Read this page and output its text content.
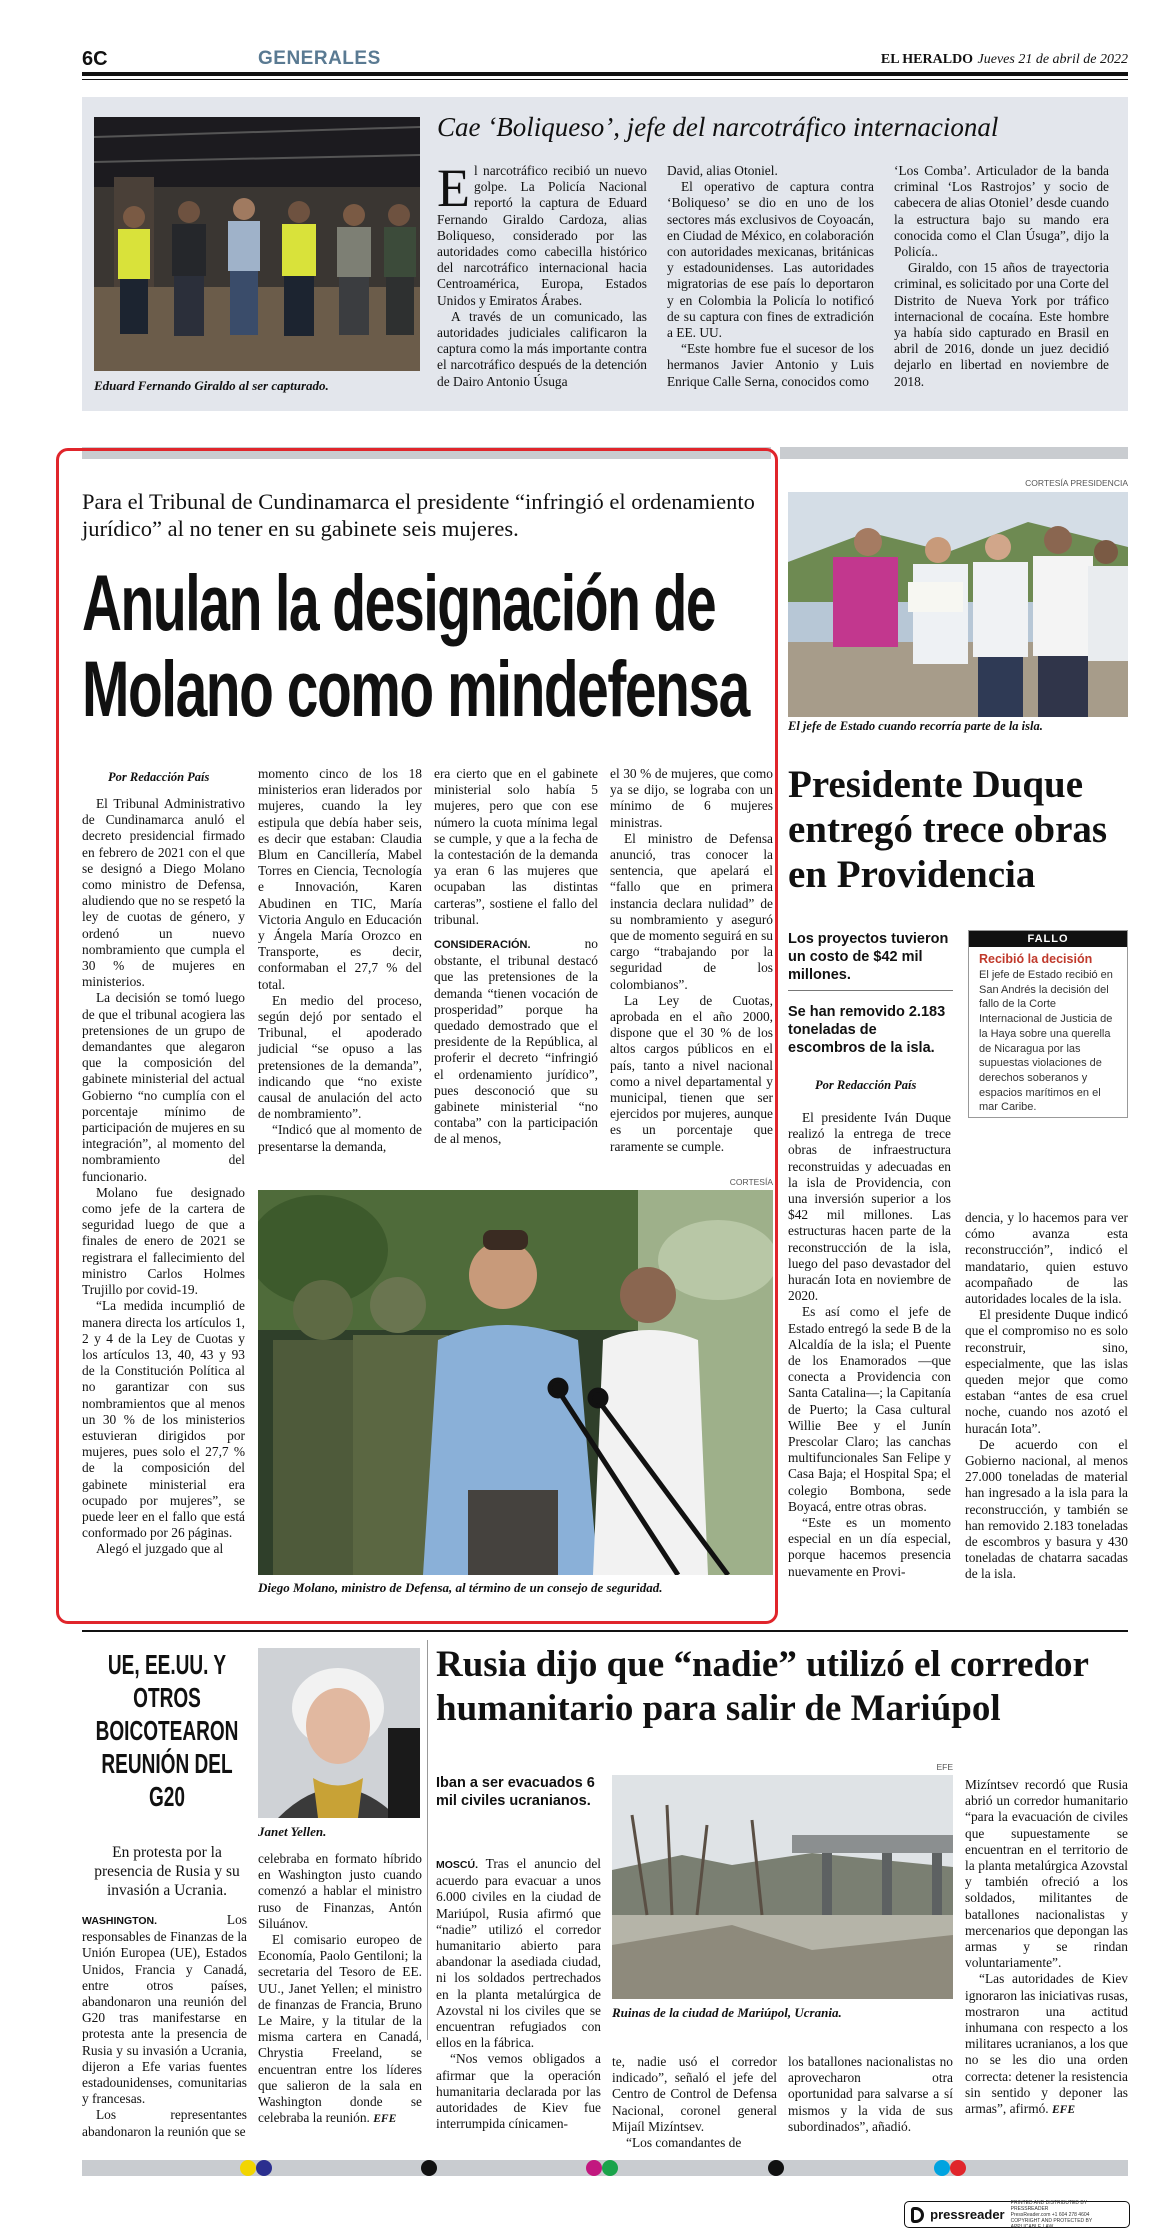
6C	GENERALES	EL HERALDO Jueves 21 de abril de 2022
Eduard Fernando Giraldo al ser capturado.
Cae ‘Boliqueso’, jefe del narcotráfico internacional
E l narcotráfico recibió un nuevo golpe. La Policía Nacional reportó la captura de Eduard Fernando Giraldo Cardoza, alias Boliqueso, considerado por las autoridades como cabecilla histórico del narcotráfico internacional hacia Centroamérica, Europa, Estados Unidos y Emiratos Árabes.

A través de un comunicado, las autoridades judiciales calificaron la captura como la más importante contra el narcotráfico después de la detención de Dairo Antonio Úsuga

David, alias Otoniel.

El operativo de captura contra ‘Boliqueso’ se dio en uno de los sectores más exclusivos de Coyoacán, en Ciudad de México, en colaboración con autoridades mexicanas, británicas y estadounidenses. Las autoridades migratorias de ese país lo deportaron y en Colombia la Policía lo notificó de su captura con fines de extradición a EE. UU.

“Este hombre fue el sucesor de los hermanos Javier Antonio y Luis Enrique Calle Serna, conocidos como

‘Los Comba’. Articulador de la banda criminal ‘Los Rastrojos’ y socio de cabecera de alias Otoniel’ desde cuando la estructura bajo su mando era conocida como el Clan Úsuga”, dijo la Policía..

Giraldo, con 15 años de trayectoria criminal, es solicitado por una Corte del Distrito de Nueva York por tráfico internacional de cocaína. Este hombre ya había sido capturado en Brasil en abril de 2016, donde un juez decidió dejarlo en libertad en noviembre de 2018.

Para el Tribunal de Cundinamarca el presidente “infringió el ordenamiento jurídico” al no tener en su gabinete seis mujeres.
Anulan la designación de
Molano como mindefensa
Por Redacción País

El Tribunal Administrativo de Cundinamarca anuló el decreto presidencial firmado en febrero de 2021 con el que se designó a Diego Molano como ministro de Defensa, aludiendo que no se respetó la ley de cuotas de género, y ordenó un nuevo nombramiento que cumpla el 30 % de mujeres en ministerios.

La decisión se tomó luego de que el tribunal acogiera las pretensiones de un grupo de demandantes que alegaron que la composición del gabinete ministerial del actual Gobierno “no cumplía con el porcentaje mínimo de participación de mujeres en su integración”, al momento del nombramiento del funcionario.

Molano fue designado como jefe de la cartera de seguridad luego de que a finales de enero de 2021 se registrara el fallecimiento del ministro Carlos Holmes Trujillo por covid-19.

“La medida incumplió de manera directa los artículos 1, 2 y 4 de la Ley de Cuotas y los artículos 13, 40, 43 y 93 de la Constitución Política al no garantizar con sus nombramientos que al menos un 30 % de los ministerios estuvieran dirigidos por mujeres, pues solo el 27,7 % de la composición del gabinete ministerial era ocupado por mujeres”, se puede leer en el fallo que está conformado por 26 páginas.

Alegó el juzgado que al

momento cinco de los 18 ministerios eran liderados por mujeres, cuando la ley estipula que debía haber seis, es decir que estaban: Claudia Blum en Cancillería, Mabel Torres en Ciencia, Tecnología e Innovación, Karen Abudinen en TIC, María Victoria Angulo en Educación y Ángela María Orozco en Transporte, es decir, conformaban el 27,7 % del total.

En medio del proceso, según dejó por sentado el Tribunal, el apoderado judicial “se opuso a las pretensiones de la demanda”, indicando que “no existe causal de anulación del acto de nombramiento”.

“Indicó que al momento de presentarse la demanda,

era cierto que en el gabinete ministerial solo había 5 mujeres, pero que con ese número la cuota mínima legal se cumple, y que a la fecha de la contestación de la demanda ya eran 6 las mujeres que ocupaban las distintas carteras”, sostiene el fallo del tribunal.

CONSIDERACIÓN.	no obstante, el tribunal destacó que las pretensiones de la demanda “tienen vocación de prosperidad” porque ha quedado demostrado que el presidente de la República, al proferir el decreto “infringió el ordenamiento jurídico”, pues desconoció que su gabinete ministerial “no contaba” con la participación de al menos,

el 30 % de mujeres, que como ya se dijo, se lograba con un mínimo de 6 mujeres ministras.

El ministro de Defensa anunció, tras conocer la sentencia, que apelará el “fallo que en primera instancia declara nulidad” de su nombramiento y aseguró que de momento seguirá en su cargo “trabajando por la seguridad de los colombianos”.

La Ley de Cuotas, aprobada en el año 2000, dispone que el 30 % de los altos cargos públicos en el país, tanto a nivel nacional como a nivel departamental y municipal, tienen que ser ejercidos por mujeres, aunque es un porcentaje que raramente se cumple.

CORTESÍA
Diego Molano, ministro de Defensa, al término de un consejo de seguridad.
CORTESÍA PRESIDENCIA
El jefe de Estado cuando recorría parte de la isla.
Presidente Duque entregó trece obras en Providencia
Los proyectos tuvieron un costo de $42 mil millones.
Se han removido 2.183 toneladas de escombros de la isla.
Por Redacción País
FALLO
Recibió la decisión
El jefe de Estado recibió en San Andrés la decisión del fallo de la Corte Internacional de Justicia de la Haya sobre una querella de Nicaragua por las supuestas violaciones de derechos soberanos y espacios marítimos en el mar Caribe.

El presidente Iván Duque realizó la entrega de trece obras de infraestructura reconstruidas y adecuadas en la isla de Providencia, con una inversión superior a los $42 mil millones. Las estructuras hacen parte de la reconstrucción de la isla, luego del paso devastador del huracán Iota en noviembre de 2020.

Es así como el jefe de Estado entregó la sede B de la Alcaldía de la isla; el Puente de los Enamorados —que conecta a Providencia con Santa Catalina—; la Capitanía de Puerto; la Casa cultural Willie Bee y el Junín Prescolar Claro; las canchas multifuncionales San Felipe y Casa Baja; el Hospital Spa; el colegio Bombona, sede Boyacá, entre otras obras.

“Este es un momento especial en un día especial, porque hacemos presencia nuevamente en Provi-

dencia, y lo hacemos para ver cómo avanza esta reconstrucción”, indicó el mandatario, quien estuvo acompañado de las autoridades locales de la isla.

El presidente Duque indicó que el compromiso no es solo reconstruir, sino, especialmente, que las islas queden mejor que como estaban “antes de esa cruel noche, cuando nos azotó el huracán Iota”.

De acuerdo con el Gobierno nacional, al menos 27.000 toneladas de material han ingresado a la isla para la reconstrucción, y también se han removido 2.183 toneladas de escombros y basura y 430 toneladas de chatarra sacadas de la isla.

UE, EE.UU. Y OTROS BOICOTEARON REUNIÓN DEL G20
En protesta por la presencia de Rusia y su invasión a Ucrania.
Janet Yellen.

WASHINGTON.	Los responsables de Finanzas de la Unión Europea (UE), Estados Unidos, Francia y Canadá, entre otros países, abandonaron una reunión del G20 tras manifestarse en protesta ante la presencia de Rusia y su invasión a Ucrania, dijeron a Efe varias fuentes estadounidenses, comunitarias y francesas.

Los representantes abandonaron la reunión que se

celebraba en formato híbrido en Washington justo cuando comenzó a hablar el ministro ruso de Finanzas, Antón Siluánov.

El comisario europeo de Economía, Paolo Gentiloni; la secretaria del Tesoro de EE. UU., Janet Yellen; el ministro de finanzas de Francia, Bruno Le Maire, y la titular de la misma cartera en Canadá, Chrystia Freeland, se encuentran entre los líderes que salieron de la sala en Washington donde se celebraba la reunión. EFE

Rusia dijo que “nadie” utilizó el corredor humanitario para salir de Mariúpol
Iban a ser evacuados 6 mil civiles ucranianos.
EFE
Ruinas de la ciudad de Mariúpol, Ucrania.

MOSCÚ. Tras el anuncio del acuerdo para evacuar a unos 6.000 civiles en la ciudad de Mariúpol, Rusia afirmó que “nadie” utilizó el corredor humanitario abierto para abandonar la asediada ciudad, ni los soldados pertrechados en la planta metalúrgica de Azovstal ni los civiles que se encuentran refugiados con ellos en la fábrica.

“Nos vemos obligados a afirmar que la operación humanitaria declarada por las autoridades de Kiev fue interrumpida cínicamen-

te, nadie usó el corredor indicado”, señaló el jefe del Centro de Control de Defensa Nacional, coronel general Mijaíl Mizíntsev.

“Los comandantes de

los batallones nacionalistas no aprovecharon otra oportunidad para salvarse a sí mismos y la vida de sus subordinados”, añadió.

Mizíntsev recordó que Rusia abrió un corredor humanitario “para la evacuación de civiles que supuestamente se encuentran en el territorio de la planta metalúrgica Azovstal y también ofreció a los soldados, militantes de batallones nacionalistas y mercenarios que depongan las armas y se rindan voluntariamente”.

“Las autoridades de Kiev ignoraron las iniciativas rusas, mostraron una actitud inhumana con respecto a los militares ucranianos, a los que no se les dio una orden correcta: detener la resistencia sin sentido y deponer las armas”, afirmó. EFE

pressreader
PRINTED AND DISTRIBUTED BY PRESSREADER
PressReader.com +1 604 278 4604
COPYRIGHT AND PROTECTED BY APPLICABLE LAW
